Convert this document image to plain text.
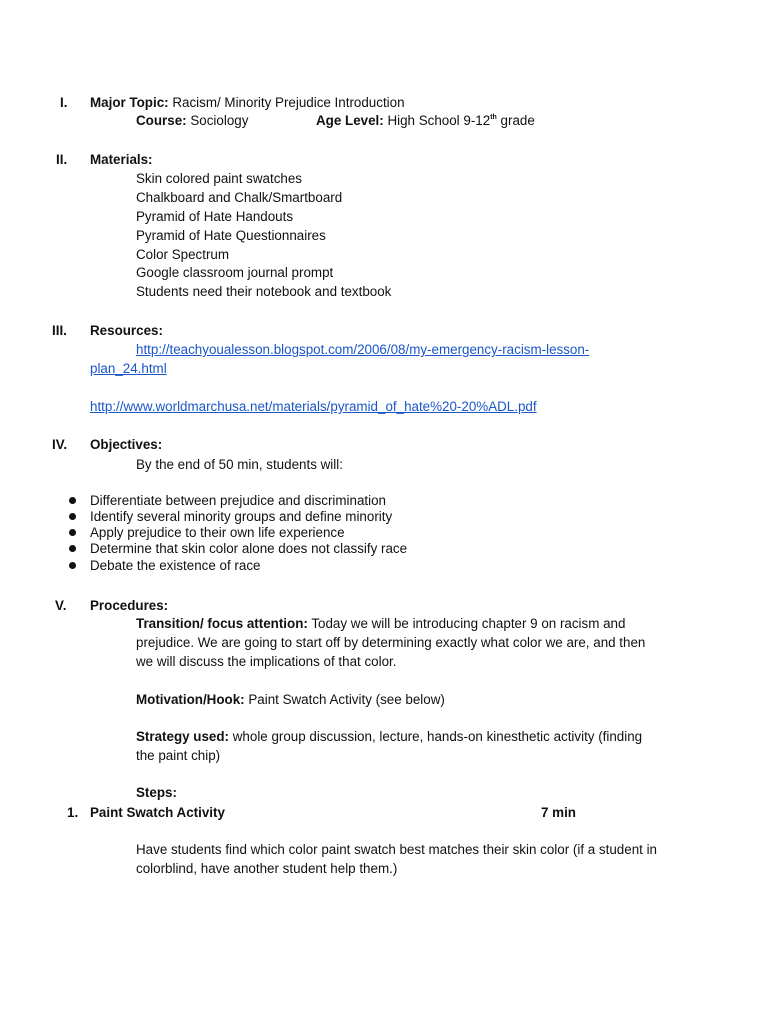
I. Major Topic: Racism/ Minority Prejudice Introduction
Course: Sociology	Age Level: High School 9-12th grade
II. Materials:
Skin colored paint swatches
Chalkboard and Chalk/Smartboard
Pyramid of Hate Handouts
Pyramid of Hate Questionnaires
Color Spectrum
Google classroom journal prompt
Students need their notebook and textbook
III. Resources:
http://teachyoualesson.blogspot.com/2006/08/my-emergency-racism-lesson-
plan_24.html
http://www.worldmarchusa.net/materials/pyramid_of_hate%20-20%ADL.pdf
IV. Objectives:
By the end of 50 min, students will:
Differentiate between prejudice and discrimination
Identify several minority groups and define minority
Apply prejudice to their own life experience
Determine that skin color alone does not classify race
Debate the existence of race
V. Procedures:
Transition/ focus attention: Today we will be introducing chapter 9 on racism and
prejudice. We are going to start off by determining exactly what color we are, and then
we will discuss the implications of that color.
Motivation/Hook: Paint Swatch Activity (see below)
Strategy used: whole group discussion, lecture, hands-on kinesthetic activity (finding
the paint chip)
Steps:
1. Paint Swatch Activity	7 min
Have students find which color paint swatch best matches their skin color (if a student in
colorblind, have another student help them.)
